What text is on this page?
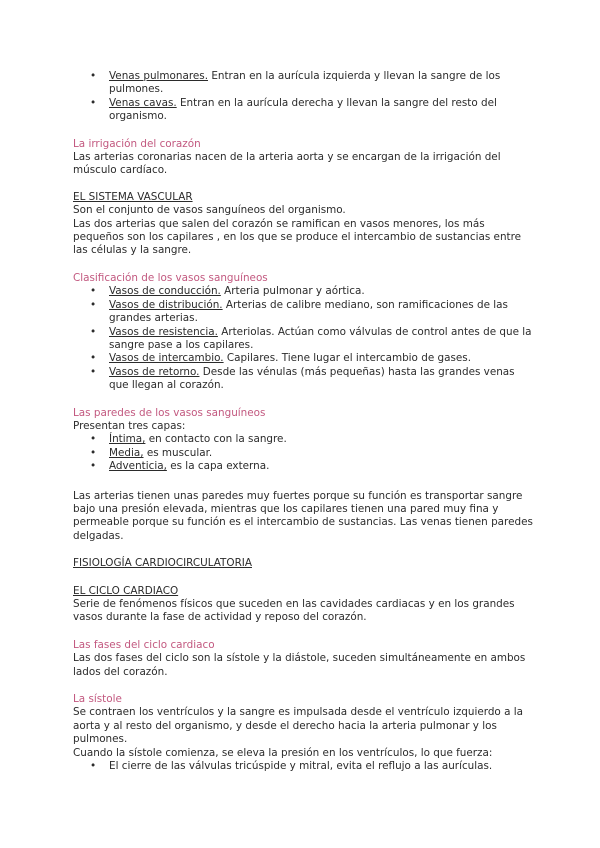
• Venas pulmonares. Entran en la aurícula izquierda y llevan la sangre de los pulmones.
• Venas cavas. Entran en la aurícula derecha y llevan la sangre del resto del organismo.

La irrigación del corazón

Las arterias coronarias nacen de la arteria aorta y se encargan de la irrigación del músculo cardíaco.

EL SISTEMA VASCULAR

Son el conjunto de vasos sanguíneos del organismo.

Las dos arterias que salen del corazón se ramifican en vasos menores, los más pequeños son los capilares , en los que se produce el intercambio de sustancias entre las células y la sangre.

Clasificación de los vasos sanguíneos

• Vasos de conducción. Arteria pulmonar y aórtica.
• Vasos de distribución. Arterias de calibre mediano, son ramificaciones de las grandes arterias.
• Vasos de resistencia. Arteriolas. Actúan como válvulas de control antes de que la sangre pase a los capilares.
• Vasos de intercambio. Capilares. Tiene lugar el intercambio de gases.
• Vasos de retorno. Desde las vénulas (más pequeñas) hasta las grandes venas que llegan al corazón.

Las paredes de los vasos sanguíneos

Presentan tres capas:

• Íntima, en contacto con la sangre.
• Media, es muscular.
• Adventicia, es la capa externa.

Las arterias tienen unas paredes muy fuertes porque su función es transportar sangre bajo una presión elevada, mientras que los capilares tienen una pared muy fina y permeable porque su función es el intercambio de sustancias. Las venas tienen paredes delgadas.

FISIOLOGÍA CARDIOCIRCULATORIA

EL CICLO CARDIACO

Serie de fenómenos físicos que suceden en las cavidades cardiacas y en los grandes vasos durante la fase de actividad y reposo del corazón.

Las fases del ciclo cardiaco

Las dos fases del ciclo son la sístole y la diástole, suceden simultáneamente en ambos lados del corazón.

La sístole

Se contraen los ventrículos y la sangre es impulsada desde el ventrículo izquierdo a la aorta y al resto del organismo, y desde el derecho hacia la arteria pulmonar y los pulmones.

Cuando la sístole comienza, se eleva la presión en los ventrículos, lo que fuerza:

• El cierre de las válvulas tricúspide y mitral, evita el reflujo a las aurículas.
